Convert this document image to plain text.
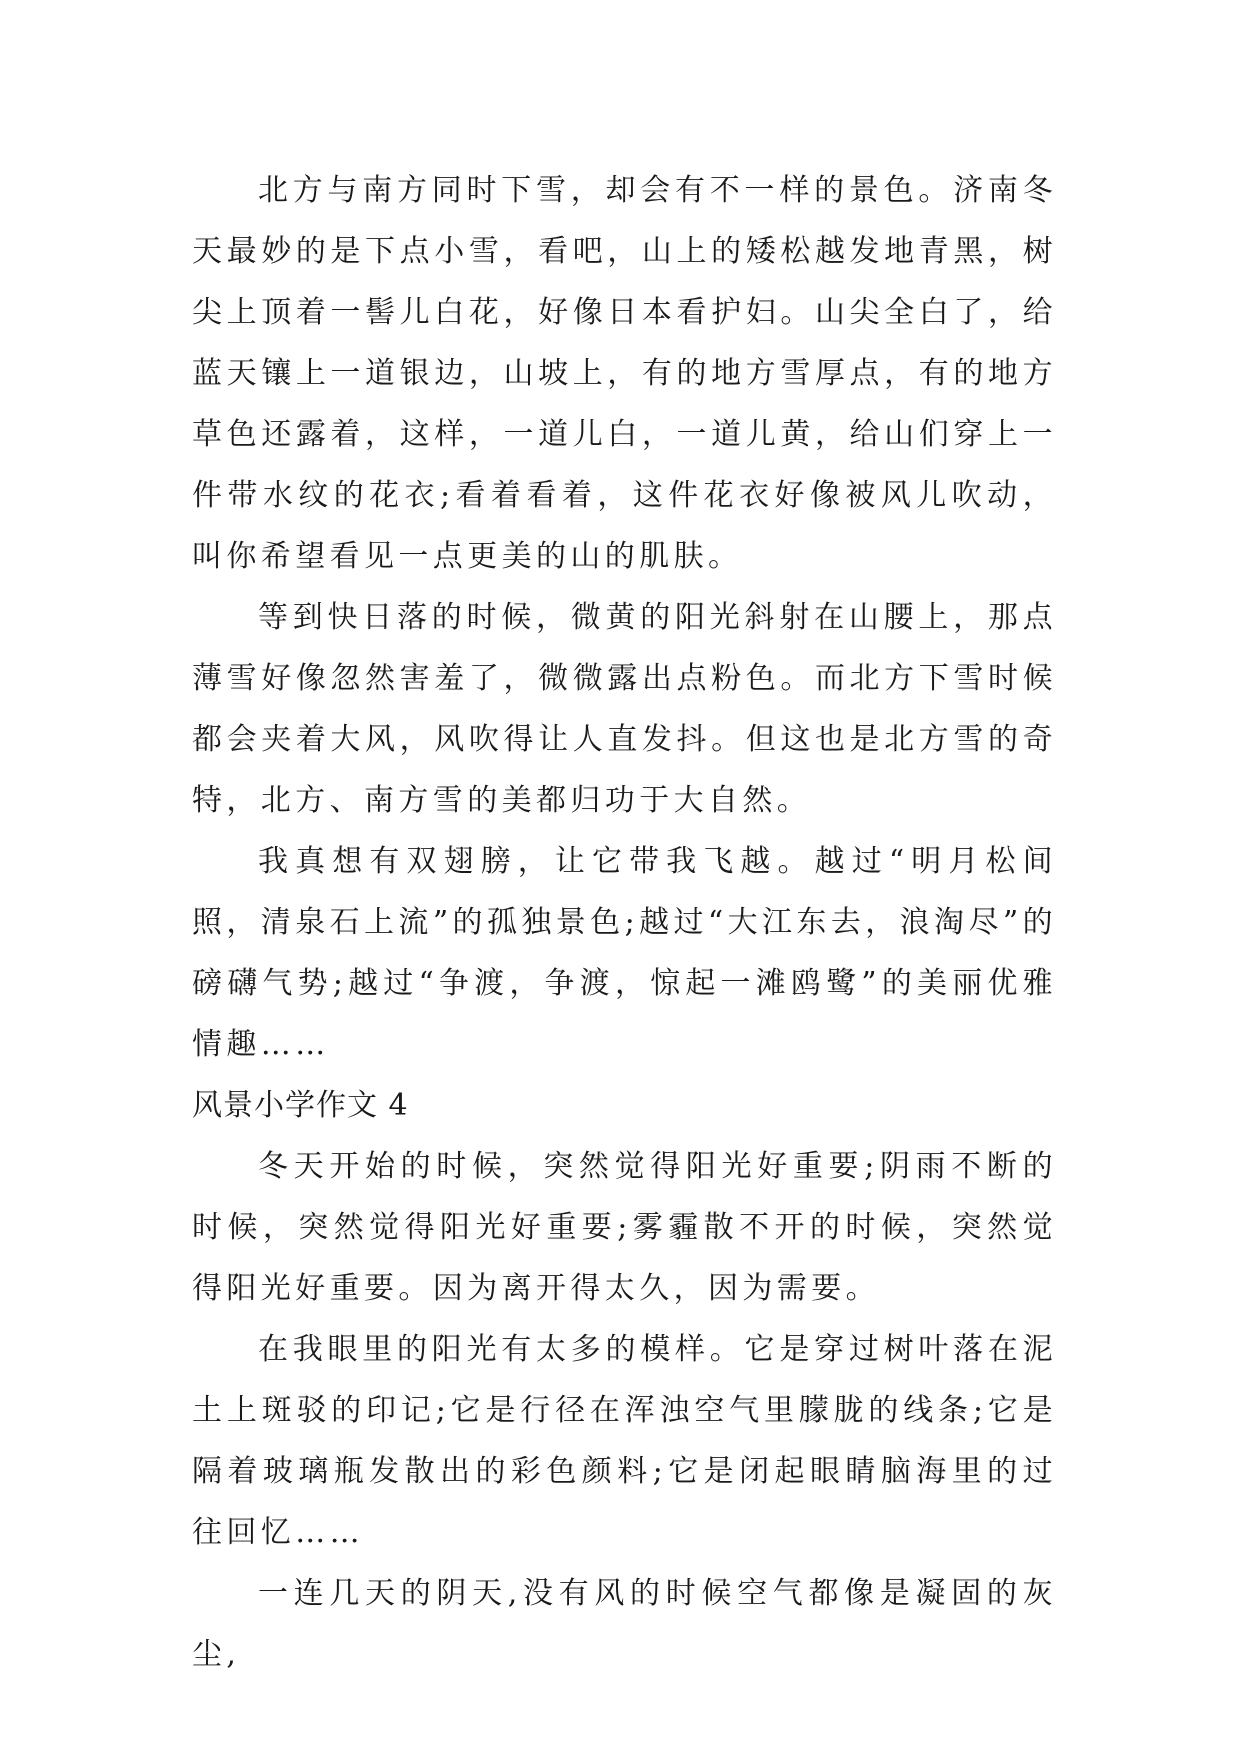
北方与南方同时下雪，却会有不一样的景色。济南冬天最妙的是下点小雪，看吧，山上的矮松越发地青黑，树尖上顶着一髻儿白花，好像日本看护妇。山尖全白了，给蓝天镶上一道银边，山坡上，有的地方雪厚点，有的地方草色还露着，这样，一道儿白，一道儿黄，给山们穿上一件带水纹的花衣;看着看着，这件花衣好像被风儿吹动，叫你希望看见一点更美的山的肌肤。

等到快日落的时候，微黄的阳光斜射在山腰上，那点薄雪好像忽然害羞了，微微露出点粉色。而北方下雪时候都会夹着大风，风吹得让人直发抖。但这也是北方雪的奇特，北方、南方雪的美都归功于大自然。

我真想有双翅膀，让它带我飞越。越过“明月松间照，清泉石上流”的孤独景色;越过“大江东去，浪淘尽”的磅礴气势;越过“争渡，争渡，惊起一滩鸥鹭”的美丽优雅情趣……

风景小学作文 4

冬天开始的时候，突然觉得阳光好重要;阴雨不断的时候，突然觉得阳光好重要;雾霾散不开的时候，突然觉得阳光好重要。因为离开得太久，因为需要。

在我眼里的阳光有太多的模样。它是穿过树叶落在泥土上斑驳的印记;它是行径在浑浊空气里朦胧的线条;它是隔着玻璃瓶发散出的彩色颜料;它是闭起眼睛脑海里的过往回忆……

一连几天的阴天,没有风的时候空气都像是凝固的灰尘,
